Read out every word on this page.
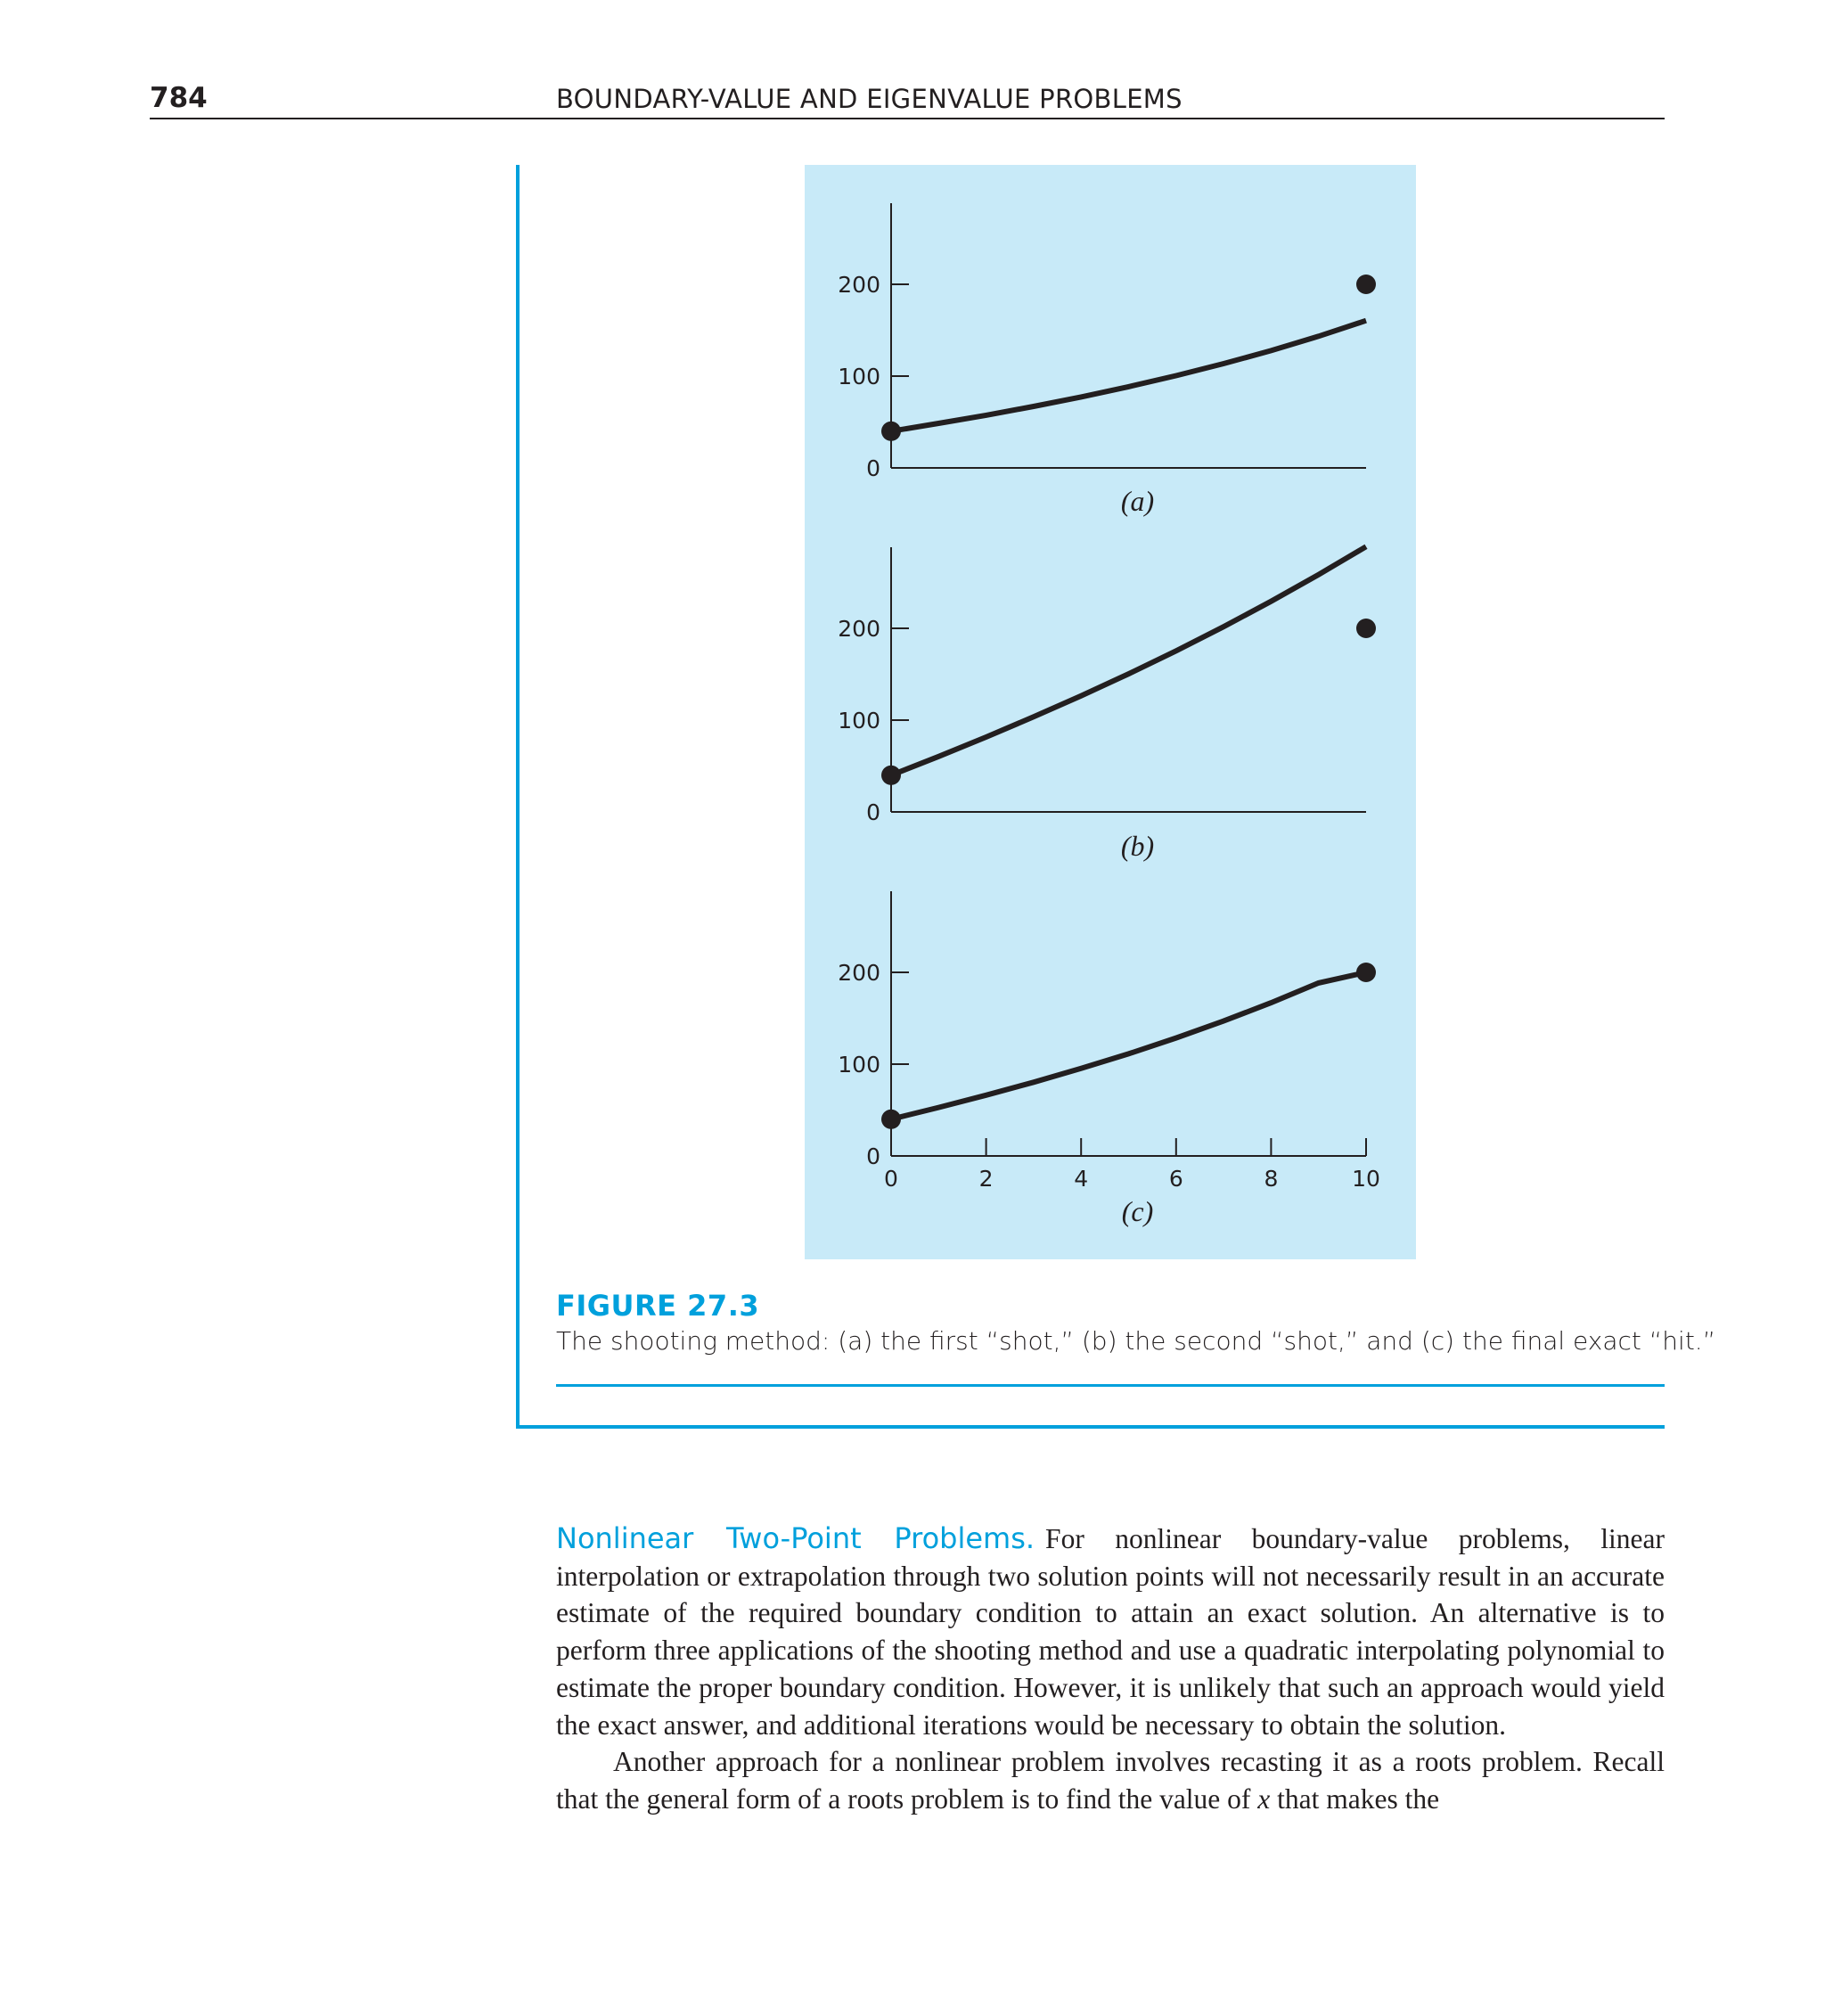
784	BOUNDARY-VALUE AND EIGENVALUE PROBLEMS
0
100
200
(a)
0
100
200
(b)
0
100
200
0	2	4	6	8	10
(c)
FIGURE 27.3
The shooting method: (a) the first “shot,” (b) the second “shot,” and (c) the final exact “hit.”

Nonlinear Two-Point Problems. For nonlinear boundary-value problems, linear interpolation or extrapolation through two solution points will not necessarily result in an accurate estimate of the required boundary condition to attain an exact solution. An alternative is to perform three applications of the shooting method and use a quadratic interpolating polynomial to estimate the proper boundary condition. However, it is unlikely that such an approach would yield the exact answer, and additional iterations would be necessary to obtain the solution.

Another approach for a nonlinear problem involves recasting it as a roots problem. Recall that the general form of a roots problem is to find the value of x that makes the
